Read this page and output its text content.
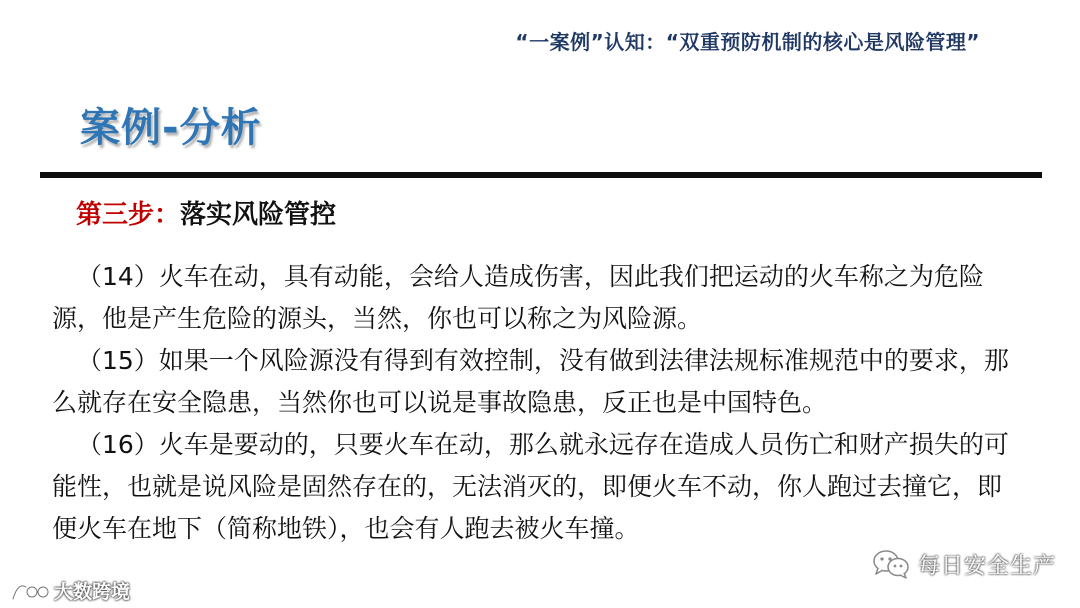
“一案例”认知：“双重预防机制的核心是风险管理”
案例-分析
第三步：落实风险管控

（14）火车在动，具有动能，会给人造成伤害，因此我们把运动的火车称之为危险源，他是产生危险的源头，当然，你也可以称之为风险源。

（15）如果一个风险源没有得到有效控制，没有做到法律法规标准规范中的要求，那么就存在安全隐患，当然你也可以说是事故隐患，反正也是中国特色。

（16）火车是要动的，只要火车在动，那么就永远存在造成人员伤亡和财产损失的可能性，也就是说风险是固然存在的，无法消灭的，即便火车不动，你人跑过去撞它，即便火车在地下（简称地铁），也会有人跑去被火车撞。

大数跨境
每日安全生产
